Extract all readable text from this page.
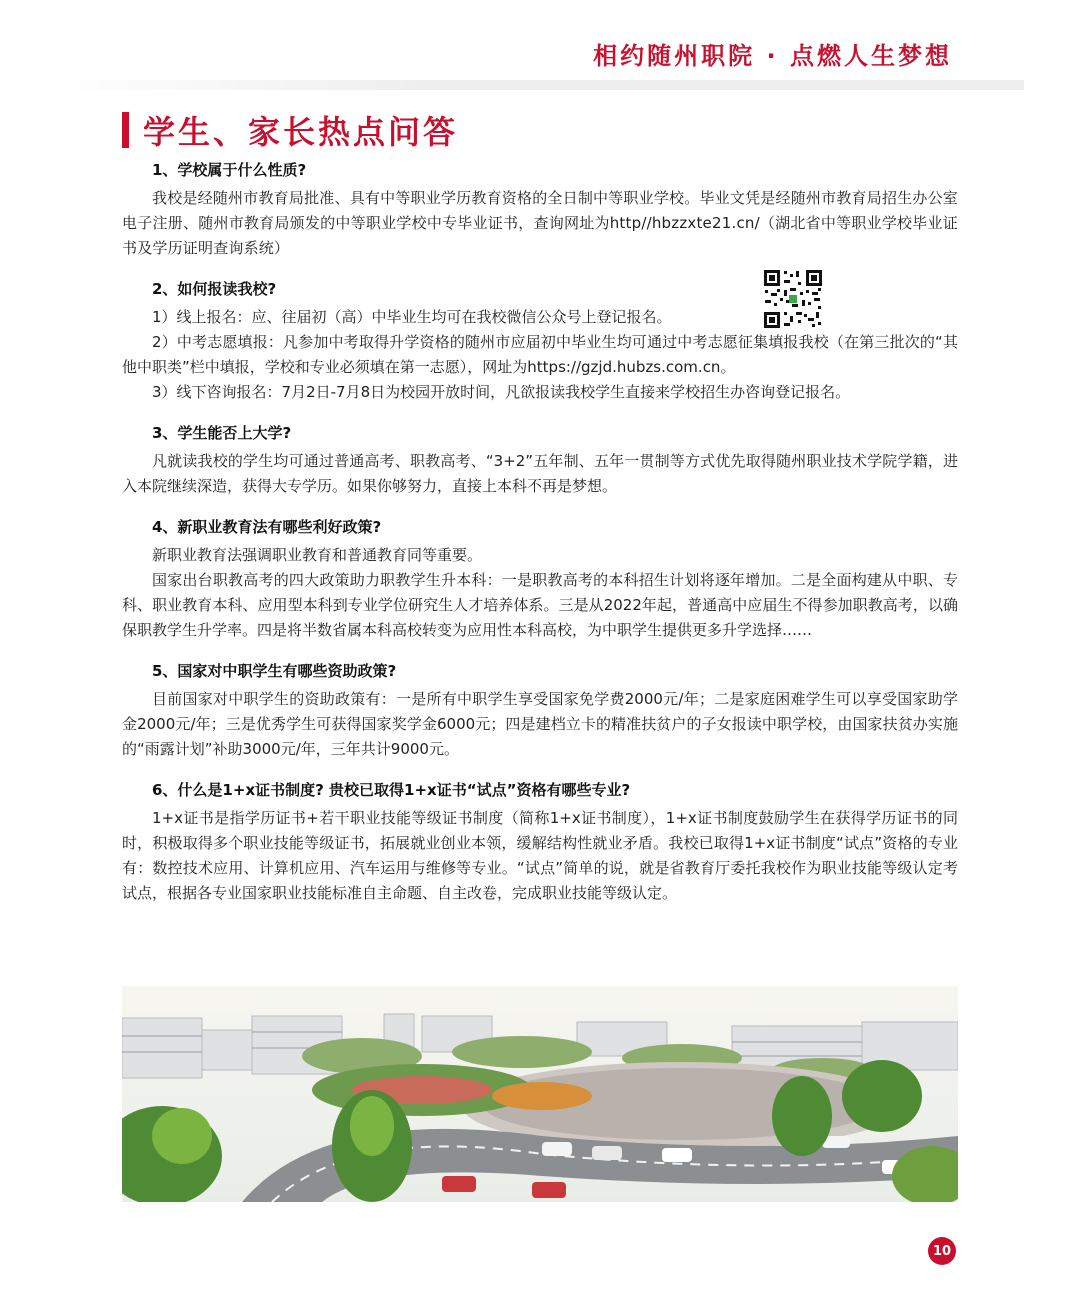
相约随州职院 · 点燃人生梦想
学生、家长热点问答
1、学校属于什么性质?

我校是经随州市教育局批准、具有中等职业学历教育资格的全日制中等职业学校。毕业文凭是经随州市教育局招生办公室电子注册、随州市教育局颁发的中等职业学校中专毕业证书，查询网址为http//hbzzxte21.cn/（湖北省中等职业学校毕业证书及学历证明查询系统）

2、如何报读我校?

1）线上报名：应、往届初（高）中毕业生均可在我校微信公众号上登记报名。

2）中考志愿填报：凡参加中考取得升学资格的随州市应届初中毕业生均可通过中考志愿征集填报我校（在第三批次的“其他中职类”栏中填报，学校和专业必须填在第一志愿），网址为https://gzjd.hubzs.com.cn。

3）线下咨询报名：7月2日-7月8日为校园开放时间，凡欲报读我校学生直接来学校招生办咨询登记报名。

3、学生能否上大学?

凡就读我校的学生均可通过普通高考、职教高考、“3+2”五年制、五年一贯制等方式优先取得随州职业技术学院学籍，进入本院继续深造，获得大专学历。如果你够努力，直接上本科不再是梦想。

4、新职业教育法有哪些利好政策?

新职业教育法强调职业教育和普通教育同等重要。

国家出台职教高考的四大政策助力职教学生升本科：一是职教高考的本科招生计划将逐年增加。二是全面构建从中职、专科、职业教育本科、应用型本科到专业学位研究生人才培养体系。三是从2022年起，普通高中应届生不得参加职教高考，以确保职教学生升学率。四是将半数省属本科高校转变为应用性本科高校，为中职学生提供更多升学选择……

5、国家对中职学生有哪些资助政策?

目前国家对中职学生的资助政策有：一是所有中职学生享受国家免学费2000元/年；二是家庭困难学生可以享受国家助学金2000元/年；三是优秀学生可获得国家奖学金6000元；四是建档立卡的精准扶贫户的子女报读中职学校，由国家扶贫办实施的“雨露计划”补助3000元/年，三年共计9000元。

6、什么是1+x证书制度? 贵校已取得1+x证书“试点”资格有哪些专业?

1+x证书是指学历证书+若干职业技能等级证书制度（简称1+x证书制度），1+x证书制度鼓励学生在获得学历证书的同时，积极取得多个职业技能等级证书，拓展就业创业本领，缓解结构性就业矛盾。我校已取得1+x证书制度“试点”资格的专业有：数控技术应用、计算机应用、汽车运用与维修等专业。“试点”简单的说，就是省教育厅委托我校作为职业技能等级认定考试点，根据各专业国家职业技能标准自主命题、自主改卷，完成职业技能等级认定。

10
